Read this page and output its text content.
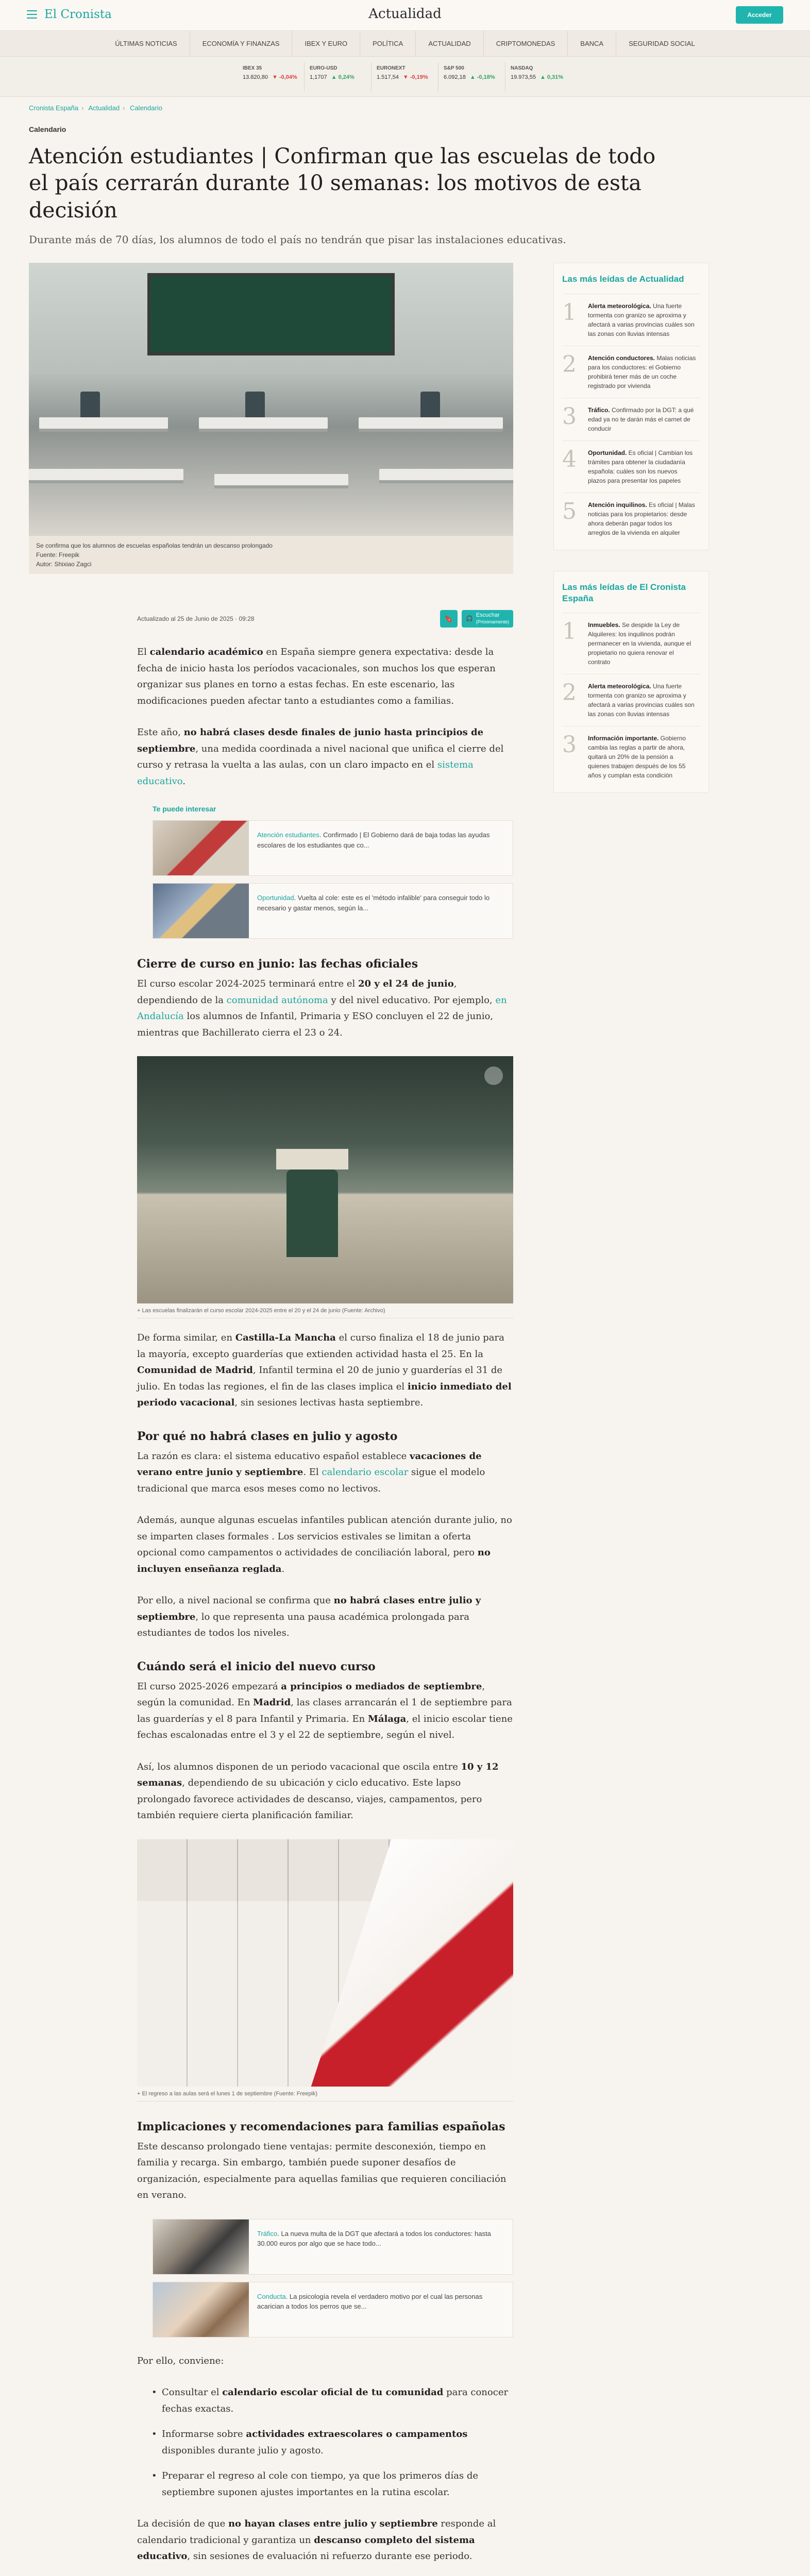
El Cronista	Actualidad	Acceder
ÚLTIMAS NOTICIAS	ECONOMÍA Y FINANZAS	IBEX Y EURO	POLÍTICA	ACTUALIDAD	CRIPTOMONEDAS	BANCA	SEGURIDAD SOCIAL
IBEX 35
13.820,80 ▼ -0,04%
EURO-USD
1,1707 ▲ 0,24%
EURONEXT
1.517,54 ▼ -0,19%
S&P 500
6.092,18 ▲ -0,18%
NASDAQ
19.973,55 ▲ 0,31%
Cronista España › Actualidad › Calendario
Calendario
Atención estudiantes | Confirman que las escuelas de todo el país cerrarán durante 10 semanas: los motivos de esta decisión
Durante más de 70 días, los alumnos de todo el país no tendrán que pisar las instalaciones educativas.
Se confirma que los alumnos de escuelas españolas tendrán un descanso prolongado
Fuente: Freepik
Autor: Shixiao Zagci
Actualizado al 25 de Junio de 2025 · 09:28	🔖	🎧
Escuchar
(Próximamente)

El calendario académico en España siempre genera expectativa: desde la fecha de inicio hasta los períodos vacacionales, son muchos los que esperan organizar sus planes en torno a estas fechas. En este escenario, las modificaciones pueden afectar tanto a estudiantes como a familias.

Este año, no habrá clases desde finales de junio hasta principios de septiembre, una medida coordinada a nivel nacional que unifica el cierre del curso y retrasa la vuelta a las aulas, con un claro impacto en el sistema educativo.

Te puede interesar
Atención estudiantes. Confirmado | El Gobierno dará de baja todas las ayudas escolares de los estudiantes que co...
Oportunidad. Vuelta al cole: este es el 'método infalible' para conseguir todo lo necesario y gastar menos, según la...
Cierre de curso en junio: las fechas oficiales

El curso escolar 2024-2025 terminará entre el 20 y el 24 de junio, dependiendo de la comunidad autónoma y del nivel educativo. Por ejemplo, en Andalucía los alumnos de Infantil, Primaria y ESO concluyen el 22 de junio, mientras que Bachillerato cierra el 23 o 24.

+ Las escuelas finalizarán el curso escolar 2024-2025 entre el 20 y el 24 de junio (Fuente: Archivo)

De forma similar, en Castilla-La Mancha el curso finaliza el 18 de junio para la mayoría, excepto guarderías que extienden actividad hasta el 25. En la Comunidad de Madrid, Infantil termina el 20 de junio y guarderías el 31 de julio. En todas las regiones, el fin de las clases implica el inicio inmediato del periodo vacacional, sin sesiones lectivas hasta septiembre.

Por qué no habrá clases en julio y agosto

La razón es clara: el sistema educativo español establece vacaciones de verano entre junio y septiembre. El calendario escolar sigue el modelo tradicional que marca esos meses como no lectivos.

Además, aunque algunas escuelas infantiles publican atención durante julio, no se imparten clases formales . Los servicios estivales se limitan a oferta opcional como campamentos o actividades de conciliación laboral, pero no incluyen enseñanza reglada.

Por ello, a nivel nacional se confirma que no habrá clases entre julio y septiembre, lo que representa una pausa académica prolongada para estudiantes de todos los niveles.

Cuándo será el inicio del nuevo curso

El curso 2025-2026 empezará a principios o mediados de septiembre, según la comunidad. En Madrid, las clases arrancarán el 1 de septiembre para las guarderías y el 8 para Infantil y Primaria. En Málaga, el inicio escolar tiene fechas escalonadas entre el 3 y el 22 de septiembre, según el nivel.

Así, los alumnos disponen de un periodo vacacional que oscila entre 10 y 12 semanas, dependiendo de su ubicación y ciclo educativo. Este lapso prolongado favorece actividades de descanso, viajes, campamentos, pero también requiere cierta planificación familiar.

+ El regreso a las aulas será el lunes 1 de septiembre (Fuente: Freepik)
Implicaciones y recomendaciones para familias españolas

Este descanso prolongado tiene ventajas: permite desconexión, tiempo en familia y recarga. Sin embargo, también puede suponer desafíos de organización, especialmente para aquellas familias que requieren conciliación en verano.

Tráfico. La nueva multa de la DGT que afectará a todos los conductores: hasta 30.000 euros por algo que se hace todo...
Conducta. La psicología revela el verdadero motivo por el cual las personas acarician a todos los perros que se...

Por ello, conviene:

• Consultar el calendario escolar oficial de tu comunidad para conocer fechas exactas.
• Informarse sobre actividades extraescolares o campamentos disponibles durante julio y agosto.
• Preparar el regreso al cole con tiempo, ya que los primeros días de septiembre suponen ajustes importantes en la rutina escolar.

La decisión de que no hayan clases entre julio y septiembre responde al calendario tradicional y garantiza un descanso completo del sistema educativo, sin sesiones de evaluación ni refuerzo durante ese periodo.

Las más leídas de Actualidad
1	Alerta meteorológica. Una fuerte tormenta con granizo se aproxima y afectará a varias provincias cuáles son las zonas con lluvias intensas
2	Atención conductores. Malas noticias para los conductores: el Gobierno prohibirá tener más de un coche registrado por vivienda
3	Tráfico. Confirmado por la DGT: a qué edad ya no te darán más el carnet de conducir
4	Oportunidad. Es oficial | Cambian los trámites para obtener la ciudadanía española: cuáles son los nuevos plazos para presentar los papeles
5	Atención inquilinos. Es oficial | Malas noticias para los propietarios: desde ahora deberán pagar todos los arreglos de la vivienda en alquiler
Las más leídas de El Cronista España
1	Inmuebles. Se despide la Ley de Alquileres: los inquilinos podrán permanecer en la vivienda, aunque el propietario no quiera renovar el contrato
2	Alerta meteorológica. Una fuerte tormenta con granizo se aproxima y afectará a varias provincias cuáles son las zonas con lluvias intensas
3	Información importante. Gobierno cambia las reglas a partir de ahora, quitará un 20% de la pensión a quienes trabajen después de los 55 años y cumplan esta condición
